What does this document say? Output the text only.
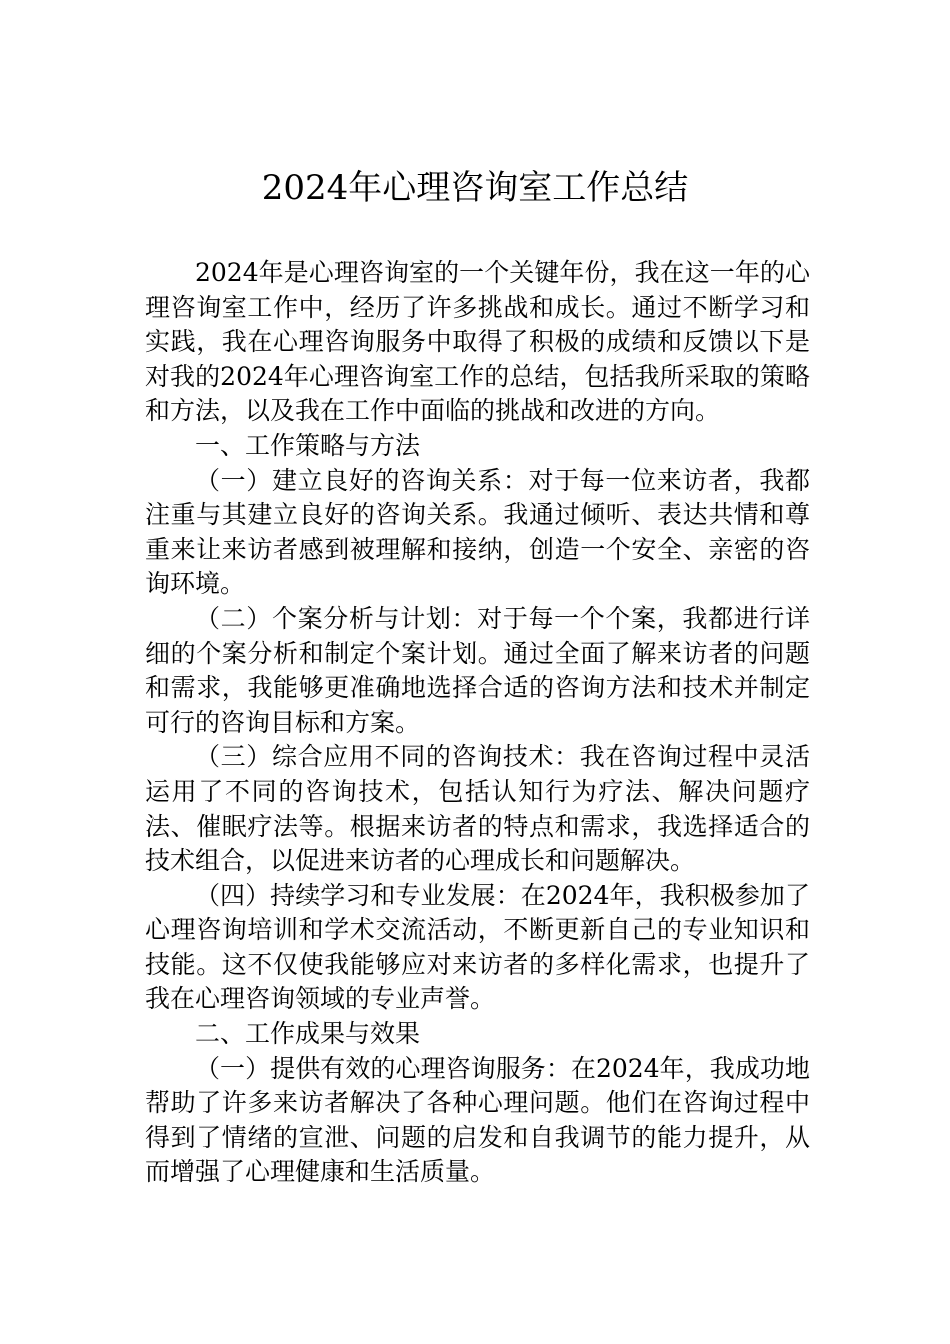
2024年心理咨询室工作总结

2024年是心理咨询室的一个关键年份，我在这一年的心理咨询室工作中，经历了许多挑战和成长。通过不断学习和实践，我在心理咨询服务中取得了积极的成绩和反馈以下是对我的2024年心理咨询室工作的总结，包括我所采取的策略和方法，以及我在工作中面临的挑战和改进的方向。

一、工作策略与方法

（一）建立良好的咨询关系：对于每一位来访者，我都注重与其建立良好的咨询关系。我通过倾听、表达共情和尊重来让来访者感到被理解和接纳，创造一个安全、亲密的咨询环境。

（二）个案分析与计划：对于每一个个案，我都进行详细的个案分析和制定个案计划。通过全面了解来访者的问题和需求，我能够更准确地选择合适的咨询方法和技术并制定可行的咨询目标和方案。

（三）综合应用不同的咨询技术：我在咨询过程中灵活运用了不同的咨询技术，包括认知行为疗法、解决问题疗法、催眠疗法等。根据来访者的特点和需求，我选择适合的技术组合，以促进来访者的心理成长和问题解决。

（四）持续学习和专业发展：在2024年，我积极参加了心理咨询培训和学术交流活动，不断更新自己的专业知识和技能。这不仅使我能够应对来访者的多样化需求，也提升了我在心理咨询领域的专业声誉。

二、工作成果与效果

（一）提供有效的心理咨询服务：在2024年，我成功地帮助了许多来访者解决了各种心理问题。他们在咨询过程中得到了情绪的宣泄、问题的启发和自我调节的能力提升，从而增强了心理健康和生活质量。
